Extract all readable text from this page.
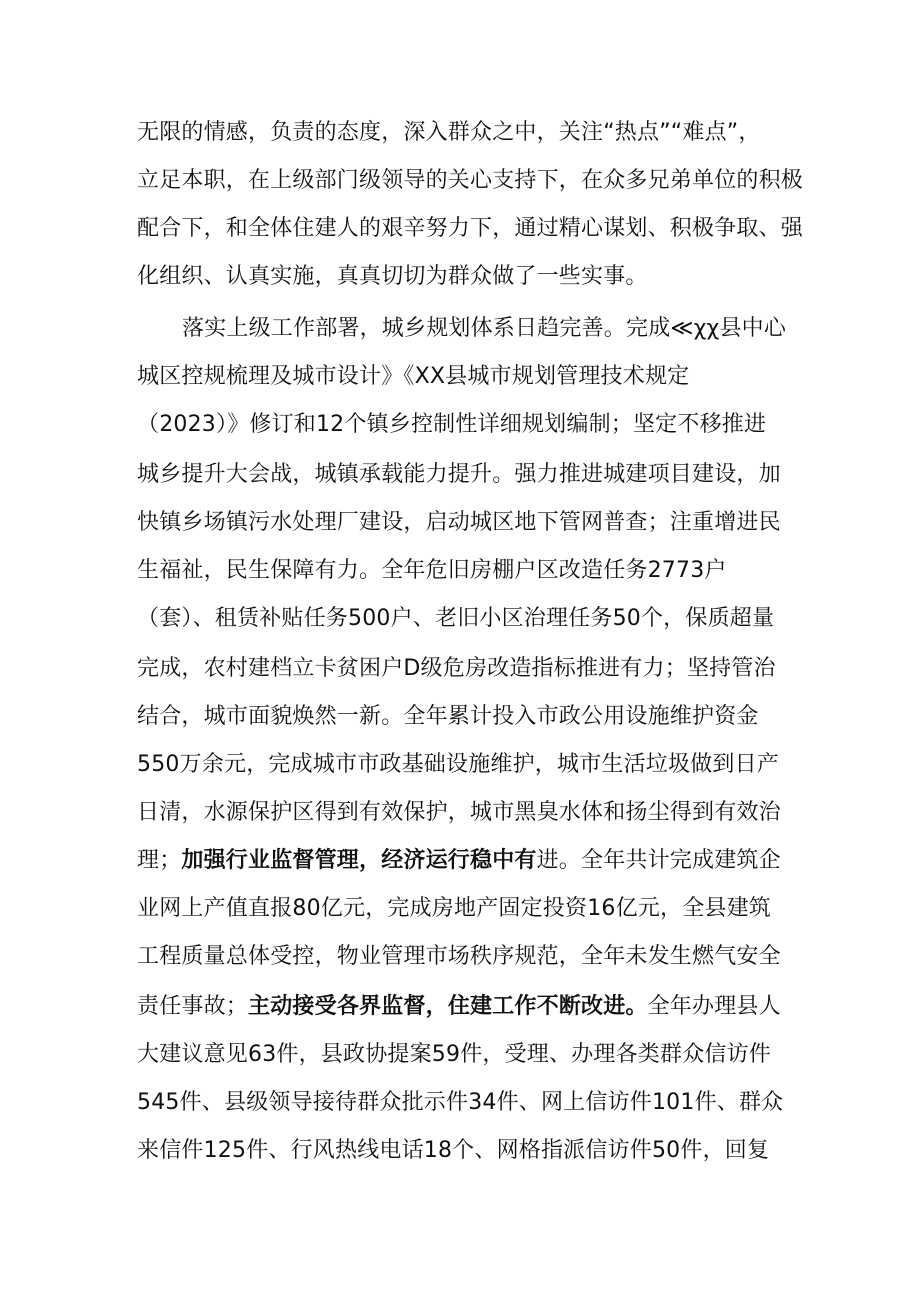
无限的情感，负责的态度，深入群众之中，关注“热点”“难点”，
立足本职，在上级部门级领导的关心支持下，在众多兄弟单位的积极
配合下，和全体住建人的艰辛努力下，通过精心谋划、积极争取、强
化组织、认真实施，真真切切为群众做了一些实事。
落实上级工作部署，城乡规划体系日趋完善。完成≪χχ县中心
城区控规梳理及城市设计》《XX县城市规划管理技术规定
（2023）》修订和12个镇乡控制性详细规划编制；坚定不移推进
城乡提升大会战，城镇承载能力提升。强力推进城建项目建设，加
快镇乡场镇污水处理厂建设，启动城区地下管网普查；注重增进民
生福祉，民生保障有力。全年危旧房棚户区改造任务2773户
（套）、租赁补贴任务500户、老旧小区治理任务50个，保质超量
完成，农村建档立卡贫困户D级危房改造指标推进有力；坚持管治
结合，城市面貌焕然一新。全年累计投入市政公用设施维护资金
550万余元，完成城市市政基础设施维护，城市生活垃圾做到日产
日清，水源保护区得到有效保护，城市黑臭水体和扬尘得到有效治
理；加强行业监督管理，经济运行稳中有进。全年共计完成建筑企
业网上产值直报80亿元，完成房地产固定投资16亿元，全县建筑
工程质量总体受控，物业管理市场秩序规范，全年未发生燃气安全
责任事故；主动接受各界监督，住建工作不断改进。全年办理县人
大建议意见63件，县政协提案59件，受理、办理各类群众信访件
545件、县级领导接待群众批示件34件、网上信访件101件、群众
来信件125件、行风热线电话18个、网格指派信访件50件，回复
